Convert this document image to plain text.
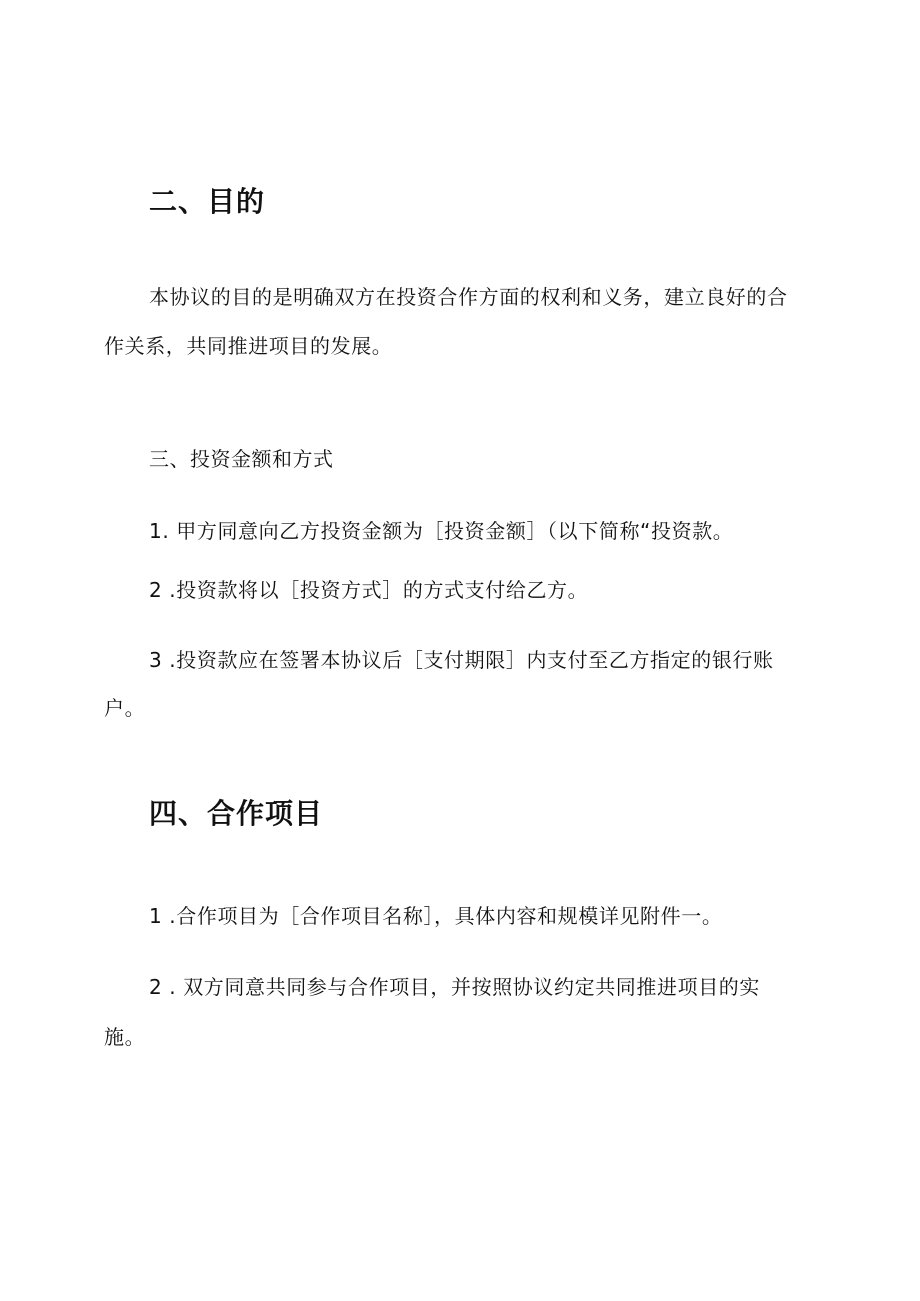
二、目的
本协议的目的是明确双方在投资合作方面的权利和义务，建立良好的合
作关系，共同推进项目的发展。
三、投资金额和方式
1. 甲方同意向乙方投资金额为［投资金额］（以下简称“投资款。
2 .投资款将以［投资方式］的方式支付给乙方。
3 .投资款应在签署本协议后［支付期限］内支付至乙方指定的银行账
户。
四、合作项目
1 .合作项目为［合作项目名称］，具体内容和规模详见附件一。
2 . 双方同意共同参与合作项目，并按照协议约定共同推进项目的实
施。
